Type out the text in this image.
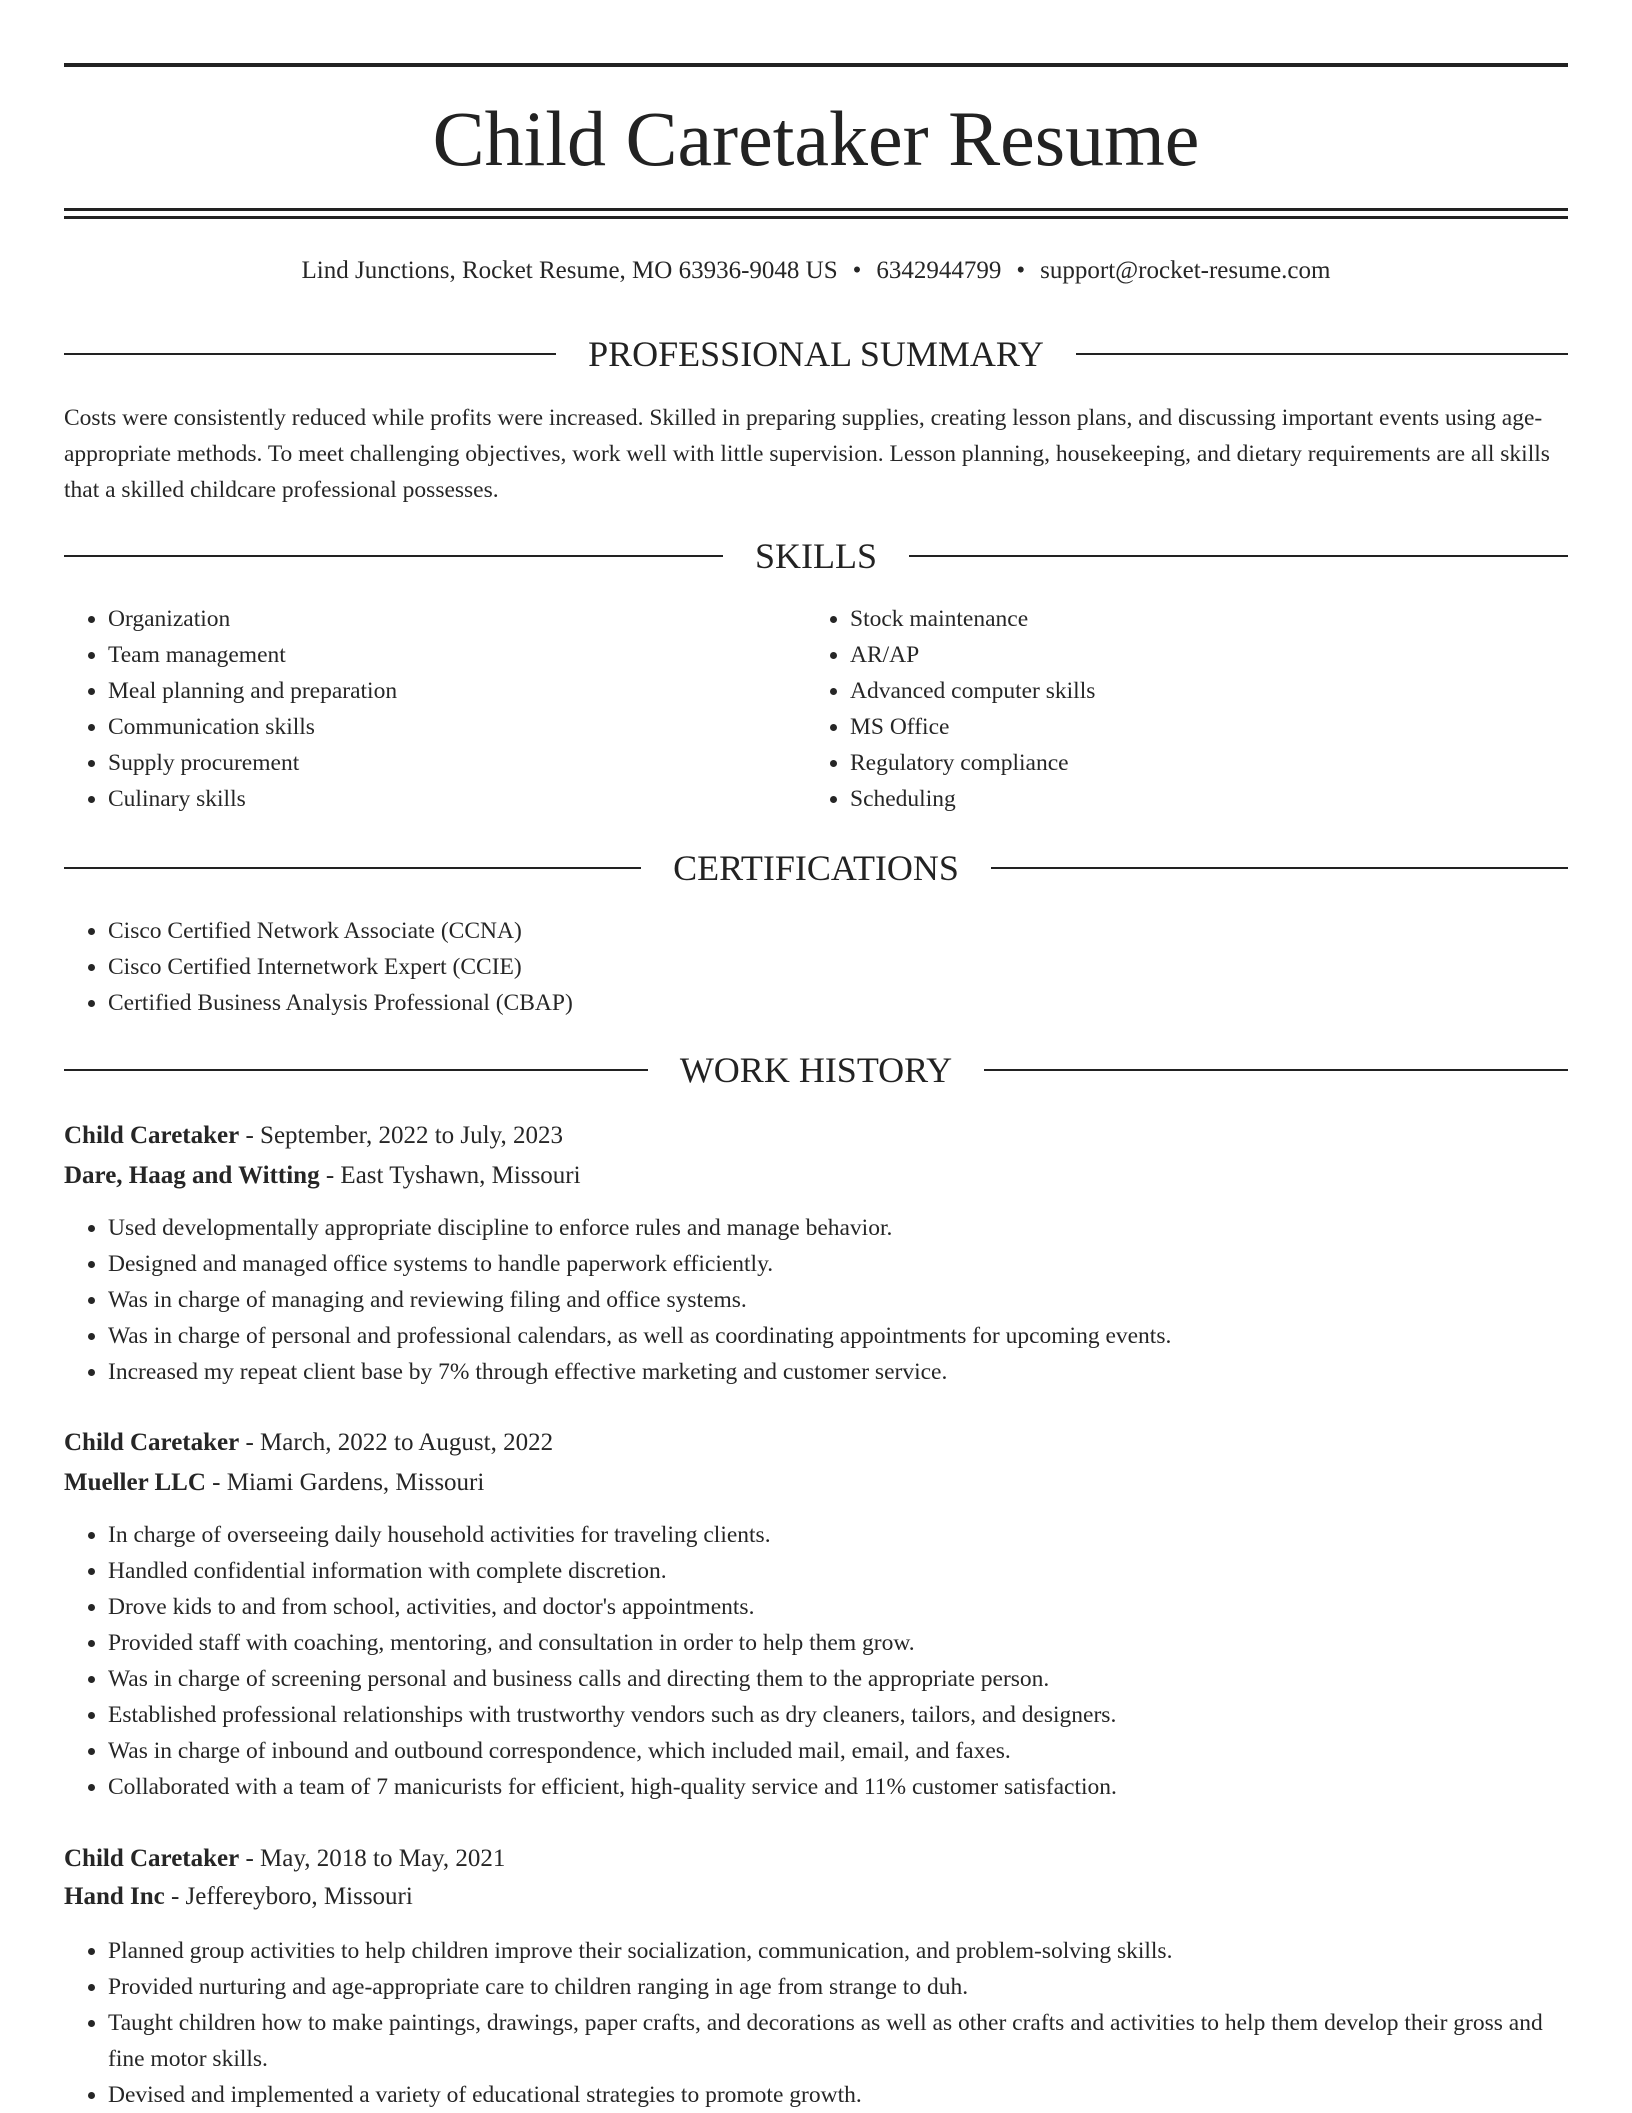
Child Caretaker Resume
Lind Junctions, Rocket Resume, MO 63936-9048 US • 6342944799 • support@rocket-resume.com
PROFESSIONAL SUMMARY

Costs were consistently reduced while profits were increased. Skilled in preparing supplies, creating lesson plans, and discussing important events using age-appropriate methods. To meet challenging objectives, work well with little supervision. Lesson planning, housekeeping, and dietary requirements are all skills that a skilled childcare professional possesses.

SKILLS
• Organization
• Team management
• Meal planning and preparation
• Communication skills
• Supply procurement
• Culinary skills
• Stock maintenance
• AR/AP
• Advanced computer skills
• MS Office
• Regulatory compliance
• Scheduling
CERTIFICATIONS
• Cisco Certified Network Associate (CCNA)
• Cisco Certified Internetwork Expert (CCIE)
• Certified Business Analysis Professional (CBAP)
WORK HISTORY
Child Caretaker - September, 2022 to July, 2023
Dare, Haag and Witting - East Tyshawn, Missouri
• Used developmentally appropriate discipline to enforce rules and manage behavior.
• Designed and managed office systems to handle paperwork efficiently.
• Was in charge of managing and reviewing filing and office systems.
• Was in charge of personal and professional calendars, as well as coordinating appointments for upcoming events.
• Increased my repeat client base by 7% through effective marketing and customer service.
Child Caretaker - March, 2022 to August, 2022
Mueller LLC - Miami Gardens, Missouri
• In charge of overseeing daily household activities for traveling clients.
• Handled confidential information with complete discretion.
• Drove kids to and from school, activities, and doctor's appointments.
• Provided staff with coaching, mentoring, and consultation in order to help them grow.
• Was in charge of screening personal and business calls and directing them to the appropriate person.
• Established professional relationships with trustworthy vendors such as dry cleaners, tailors, and designers.
• Was in charge of inbound and outbound correspondence, which included mail, email, and faxes.
• Collaborated with a team of 7 manicurists for efficient, high-quality service and 11% customer satisfaction.
Child Caretaker - May, 2018 to May, 2021
Hand Inc - Jeffereyboro, Missouri
• Planned group activities to help children improve their socialization, communication, and problem-solving skills.
• Provided nurturing and age-appropriate care to children ranging in age from strange to duh.
• Taught children how to make paintings, drawings, paper crafts, and decorations as well as other crafts and activities to help them develop their gross and fine motor skills.
• Devised and implemented a variety of educational strategies to promote growth.
